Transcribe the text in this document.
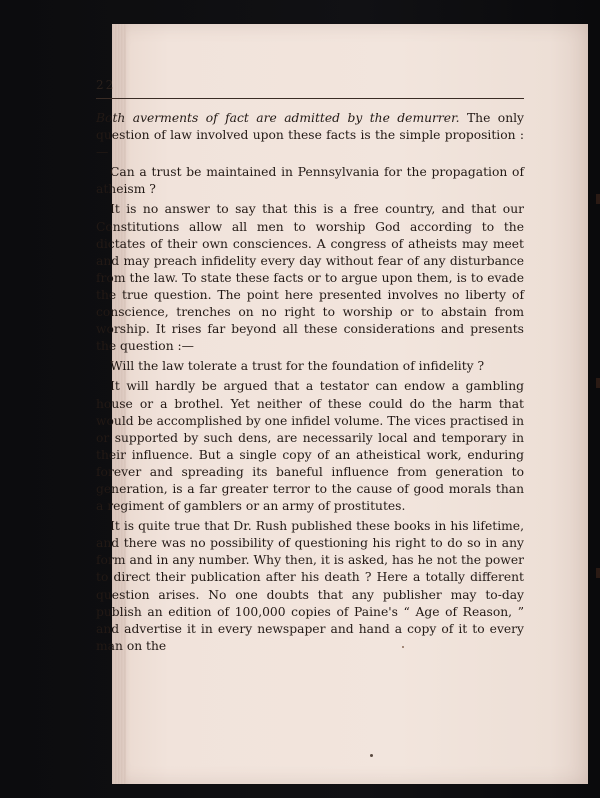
22

Both averments of fact are admitted by the demurrer. The only question of law involved upon these facts is the simple proposition :—

Can a trust be maintained in Pennsylvania for the propagation of atheism ?

It is no answer to say that this is a free country, and that our Constitutions allow all men to worship God according to the dictates of their own consciences. A congress of atheists may meet and may preach infidelity every day without fear of any disturbance from the law. To state these facts or to argue upon them, is to evade the true question. The point here presented involves no liberty of conscience, trenches on no right to worship or to abstain from worship. It rises far beyond all these considerations and presents the question :—

Will the law tolerate a trust for the foundation of infidelity ?

It will hardly be argued that a testator can endow a gambling house or a brothel. Yet neither of these could do the harm that would be accomplished by one infidel volume. The vices practised in or supported by such dens, are necessarily local and temporary in their influence. But a single copy of an atheistical work, enduring forever and spreading its baneful influence from generation to generation, is a far greater terror to the cause of good morals than a regiment of gamblers or an army of prostitutes.

It is quite true that Dr. Rush published these books in his lifetime, and there was no possibility of questioning his right to do so in any form and in any number. Why then, it is asked, has he not the power to direct their publication after his death ? Here a totally different question arises. No one doubts that any publisher may to-day publish an edition of 100,000 copies of Paine's “ Age of Reason, ” and advertise it in every newspaper and hand a copy of it to every man on the
